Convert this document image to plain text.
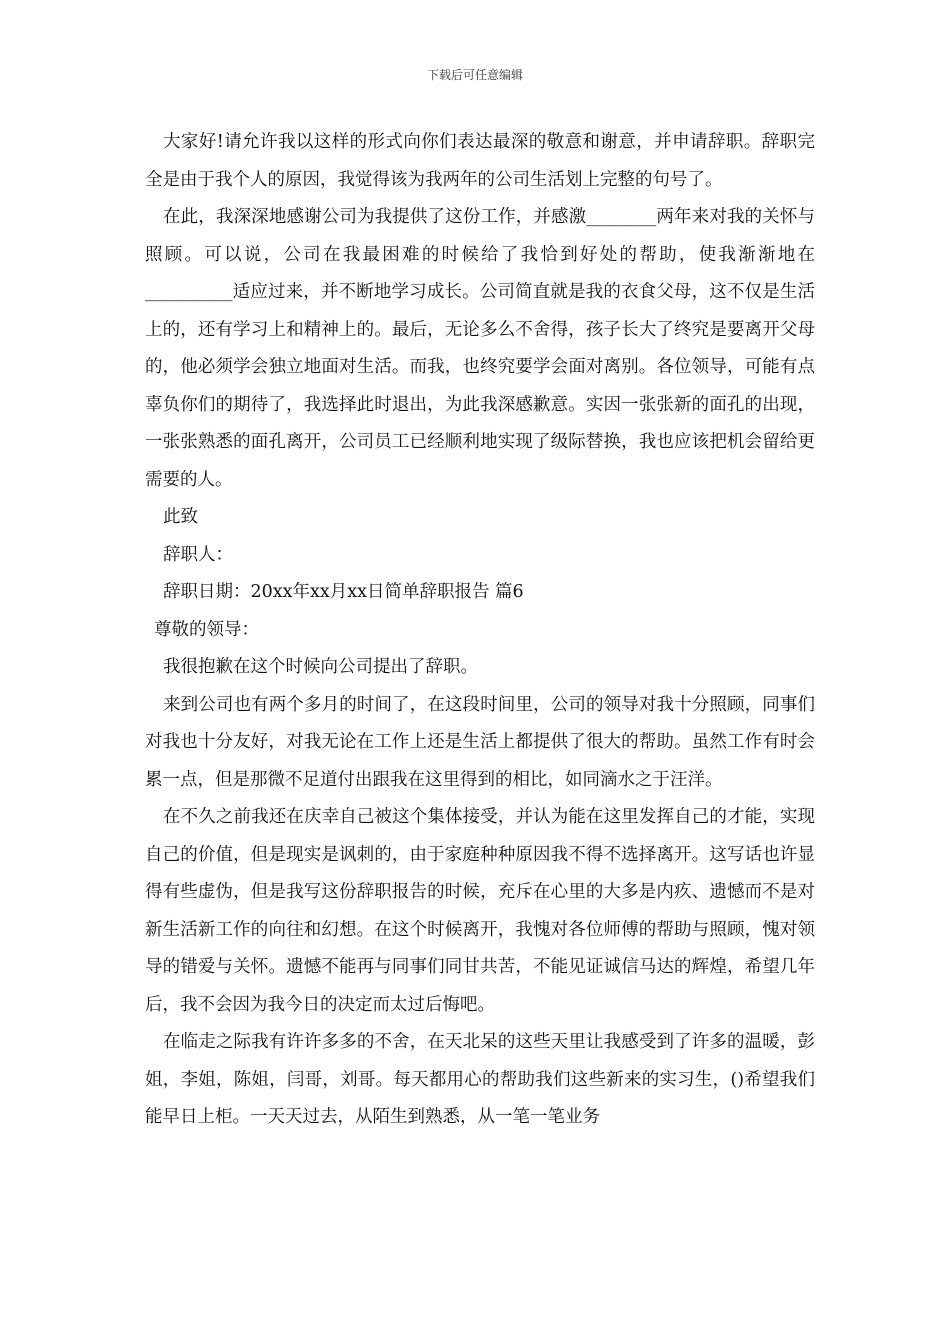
下载后可任意编辑

大家好!请允许我以这样的形式向你们表达最深的敬意和谢意，并申请辞职。辞职完全是由于我个人的原因，我觉得该为我两年的公司生活划上完整的句号了。

在此，我深深地感谢公司为我提供了这份工作，并感激________两年来对我的关怀与照顾。可以说，公司在我最困难的时候给了我恰到好处的帮助，使我渐渐地在__________适应过来，并不断地学习成长。公司简直就是我的衣食父母，这不仅是生活上的，还有学习上和精神上的。最后，无论多么不舍得，孩子长大了终究是要离开父母的，他必须学会独立地面对生活。而我，也终究要学会面对离别。各位领导，可能有点辜负你们的期待了，我选择此时退出，为此我深感歉意。实因一张张新的面孔的出现，一张张熟悉的面孔离开，公司员工已经顺利地实现了级际替换，我也应该把机会留给更需要的人。

此致

辞职人：

辞职日期：20xx年xx月xx日简单辞职报告 篇6

尊敬的领导：

我很抱歉在这个时候向公司提出了辞职。

来到公司也有两个多月的时间了，在这段时间里，公司的领导对我十分照顾，同事们对我也十分友好，对我无论在工作上还是生活上都提供了很大的帮助。虽然工作有时会累一点，但是那微不足道付出跟我在这里得到的相比，如同滴水之于汪洋。

在不久之前我还在庆幸自己被这个集体接受，并认为能在这里发挥自己的才能，实现自己的价值，但是现实是讽刺的，由于家庭种种原因我不得不选择离开。这写话也许显得有些虚伪，但是我写这份辞职报告的时候，充斥在心里的大多是内疚、遗憾而不是对新生活新工作的向往和幻想。在这个时候离开，我愧对各位师傅的帮助与照顾，愧对领导的错爱与关怀。遗憾不能再与同事们同甘共苦，不能见证诚信马达的辉煌，希望几年后，我不会因为我今日的决定而太过后悔吧。

在临走之际我有许许多多的不舍，在天北呆的这些天里让我感受到了许多的温暖，彭姐，李姐，陈姐，闫哥，刘哥。每天都用心的帮助我们这些新来的实习生，()希望我们能早日上柜。一天天过去，从陌生到熟悉，从一笔一笔业务
